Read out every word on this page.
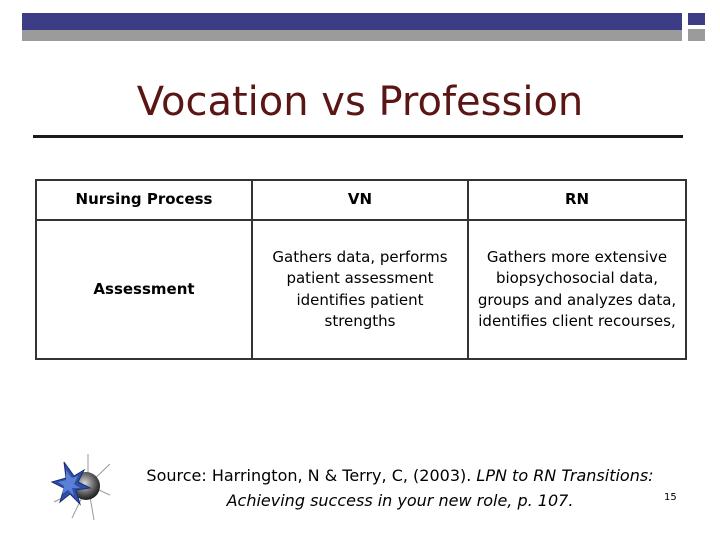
Vocation vs Profession
Nursing Process	VN	RN
Assessment	Gathers data, performs patient assessment identifies patient strengths	Gathers more extensive biopsychosocial data, groups and analyzes data, identifies client recourses,
Source: Harrington, N & Terry, C, (2003). LPN to RN Transitions:
Achieving success in your new role, p. 107.	15
